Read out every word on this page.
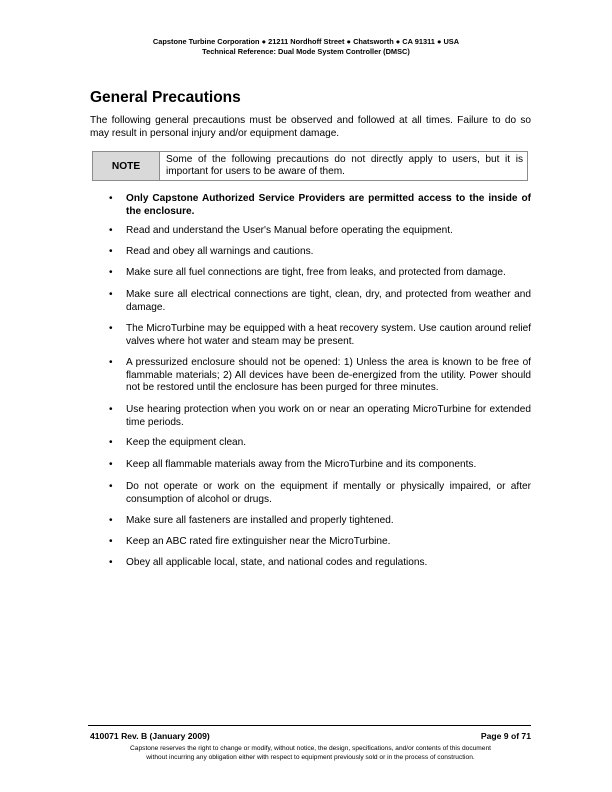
Capstone Turbine Corporation ● 21211 Nordhoff Street ● Chatsworth ● CA 91311 ● USA
Technical Reference: Dual Mode System Controller (DMSC)
General Precautions
The following general precautions must be observed and followed at all times. Failure to do so may result in personal injury and/or equipment damage.
NOTE	Some of the following precautions do not directly apply to users, but it is important for users to be aware of them.
• Only Capstone Authorized Service Providers are permitted access to the inside of the enclosure.
• Read and understand the User's Manual before operating the equipment.
• Read and obey all warnings and cautions.
• Make sure all fuel connections are tight, free from leaks, and protected from damage.
• Make sure all electrical connections are tight, clean, dry, and protected from weather and damage.
• The MicroTurbine may be equipped with a heat recovery system. Use caution around relief valves where hot water and steam may be present.
• A pressurized enclosure should not be opened: 1) Unless the area is known to be free of flammable materials; 2) All devices have been de-energized from the utility. Power should not be restored until the enclosure has been purged for three minutes.
• Use hearing protection when you work on or near an operating MicroTurbine for extended time periods.
• Keep the equipment clean.
• Keep all flammable materials away from the MicroTurbine and its components.
• Do not operate or work on the equipment if mentally or physically impaired, or after consumption of alcohol or drugs.
• Make sure all fasteners are installed and properly tightened.
• Keep an ABC rated fire extinguisher near the MicroTurbine.
• Obey all applicable local, state, and national codes and regulations.
410071 Rev. B (January 2009)	Page 9 of 71
Capstone reserves the right to change or modify, without notice, the design, specifications, and/or contents of this document
without incurring any obligation either with respect to equipment previously sold or in the process of construction.
